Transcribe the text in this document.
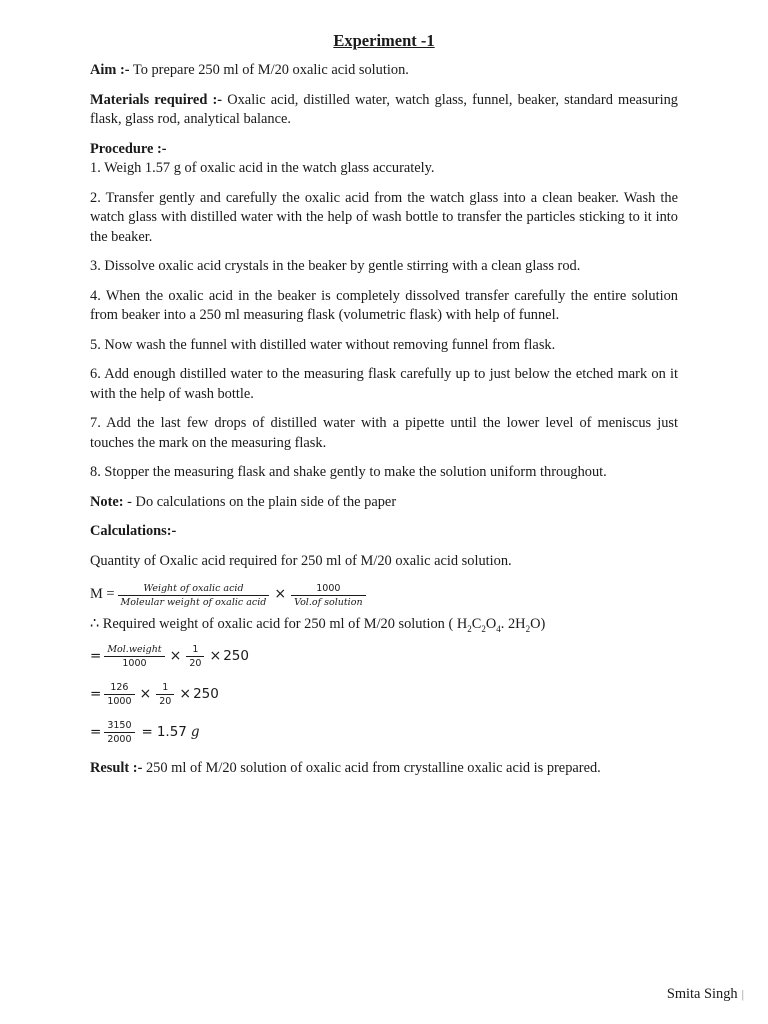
Experiment -1

Aim :- To prepare 250 ml of M/20 oxalic acid solution.

Materials required :- Oxalic acid, distilled water, watch glass, funnel, beaker, standard measuring flask, glass rod, analytical balance.

Procedure :-

1. Weigh 1.57 g of oxalic acid in the watch glass accurately.

2. Transfer gently and carefully the oxalic acid from the watch glass into a clean beaker. Wash the watch glass with distilled water with the help of wash bottle to transfer the particles sticking to it into the beaker.

3. Dissolve oxalic acid crystals in the beaker by gentle stirring with a clean glass rod.

4. When the oxalic acid in the beaker is completely dissolved transfer carefully the entire solution from beaker into a 250 ml measuring flask (volumetric flask) with help of funnel.

5. Now wash the funnel with distilled water without removing funnel from flask.

6. Add enough distilled water to the measuring flask carefully up to just below the etched mark on it with the help of wash bottle.

7. Add the last few drops of distilled water with a pipette until the lower level of meniscus just touches the mark on the measuring flask.

8. Stopper the measuring flask and shake gently to make the solution uniform throughout.

Note: - Do calculations on the plain side of the paper

Calculations:-

Quantity of Oxalic acid required for 250 ml of M/20 oxalic acid solution.

$M = \frac{\text{Weight of oxalic acid}}{\text{Moleular weight of oxalic acid}} \times \frac{1000}{\text{Vol.of solution}}$

∴ Required weight of oxalic acid for 250 ml of M/20 solution ( $H_2C_2O_4$. $2H_2O$)

= $\frac{\text{Mol.weight}}{1000} \times \frac{1}{20} \times 250$
= $\frac{126}{1000} \times \frac{1}{20} \times 250$
= $\frac{3150}{2000} = 1.57$ g

Result :- 250 ml of M/20 solution of oxalic acid from crystalline oxalic acid is prepared.

Smita Singh |
